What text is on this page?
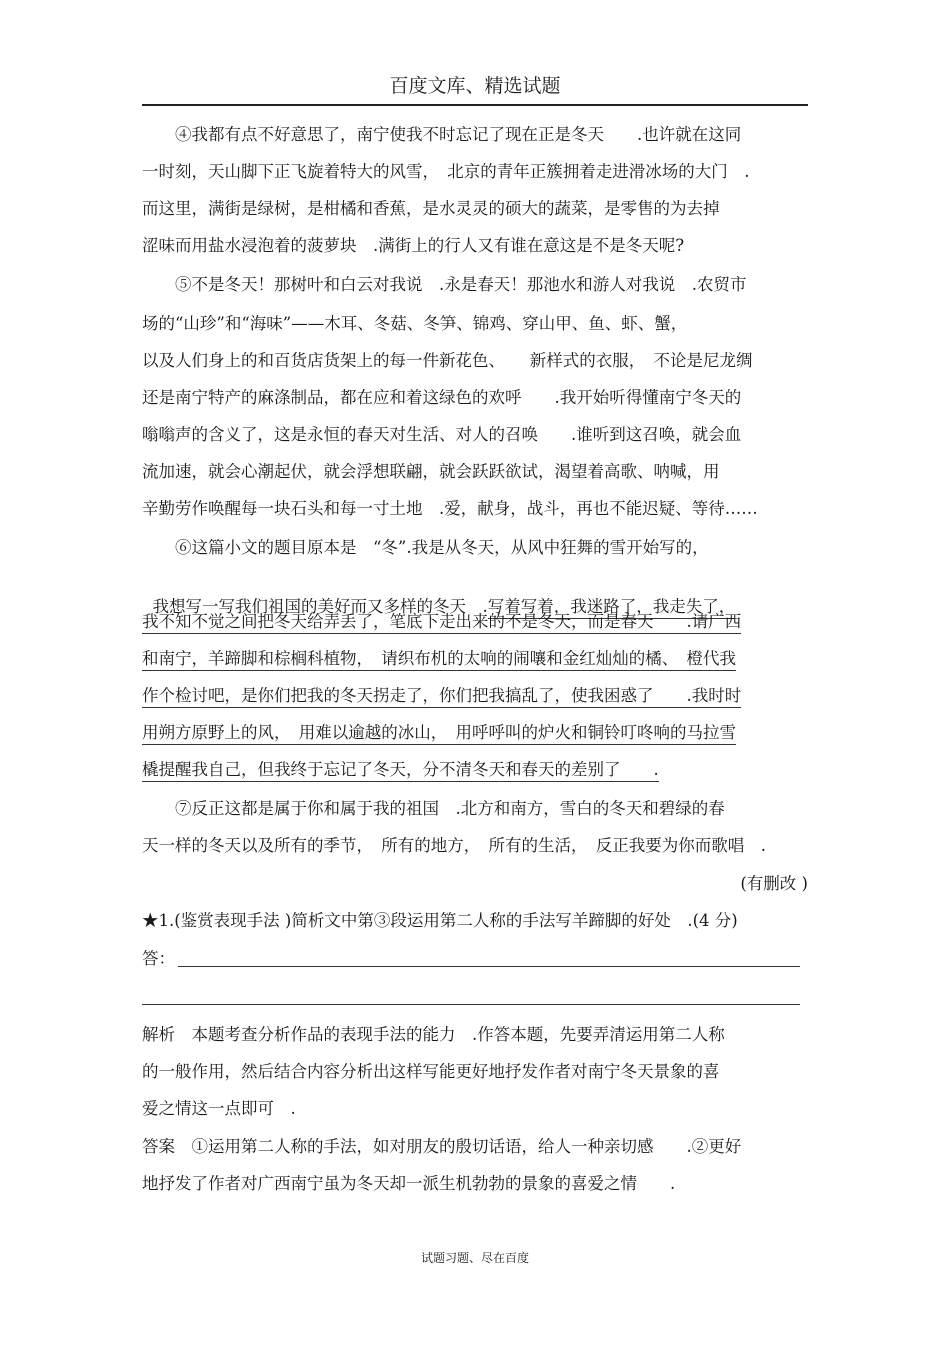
百度文库、精选试题
④我都有点不好意思了，南宁使我不时忘记了现在正是冬天　　.也许就在这同
一时刻，天山脚下正飞旋着特大的风雪，　北京的青年正簇拥着走进滑冰场的大门　.
而这里，满街是绿树，是柑橘和香蕉，是水灵灵的硕大的蔬菜，是零售的为去掉
涩味而用盐水浸泡着的菠萝块　.满街上的行人又有谁在意这是不是冬天呢?
⑤不是冬天！那树叶和白云对我说　.永是春天！那池水和游人对我说　.农贸市
场的“山珍”和“海味”——木耳、冬菇、冬笋、锦鸡、穿山甲、鱼、虾、蟹，
以及人们身上的和百货店货架上的每一件新花色、　　新样式的衣服，　不论是尼龙绸
还是南宁特产的麻涤制品，都在应和着这绿色的欢呼　　.我开始听得懂南宁冬天的
嗡嗡声的含义了，这是永恒的春天对生活、对人的召唤　　.谁听到这召唤，就会血
流加速，就会心潮起伏，就会浮想联翩，就会跃跃欲试，渴望着高歌、呐喊，用
辛勤劳作唤醒每一块石头和每一寸土地　.爱，献身，战斗，再也不能迟疑、等待……
⑥这篇小文的题目原本是　“冬”.我是从冬天，从风中狂舞的雪开始写的，

我想写一写我们祖国的美好而又多样的冬天　.写着写着，我迷路了，我走失了，

我不知不觉之间把冬天给弄丢了，笔底下走出来的不是冬天，而是春天　　.请广西
和南宁，羊蹄脚和棕榈科植物，　请织布机的太响的闹嚷和金红灿灿的橘、　橙代我
作个检讨吧，是你们把我的冬天拐走了，你们把我搞乱了，使我困惑了　　.我时时
用朔方原野上的风，　用难以逾越的冰山，　用呼呼叫的炉火和铜铃叮咚响的马拉雪
橇提醒我自己，但我终于忘记了冬天，分不清冬天和春天的差别了　　.
⑦反正这都是属于你和属于我的祖国　.北方和南方，雪白的冬天和碧绿的春
天一样的冬天以及所有的季节，　所有的地方，　所有的生活，　反正我要为你而歌唱　.
(有删改 )
★1.(鉴赏表现手法 )简析文中第③段运用第二人称的手法写羊蹄脚的好处　.(4 分)
答：
解析　本题考查分析作品的表现手法的能力　.作答本题，先要弄清运用第二人称
的一般作用，然后结合内容分析出这样写能更好地抒发作者对南宁冬天景象的喜
爱之情这一点即可　.
答案　①运用第二人称的手法，如对朋友的殷切话语，给人一种亲切感　　.②更好
地抒发了作者对广西南宁虽为冬天却一派生机勃勃的景象的喜爱之情　　.
试题习题、尽在百度
